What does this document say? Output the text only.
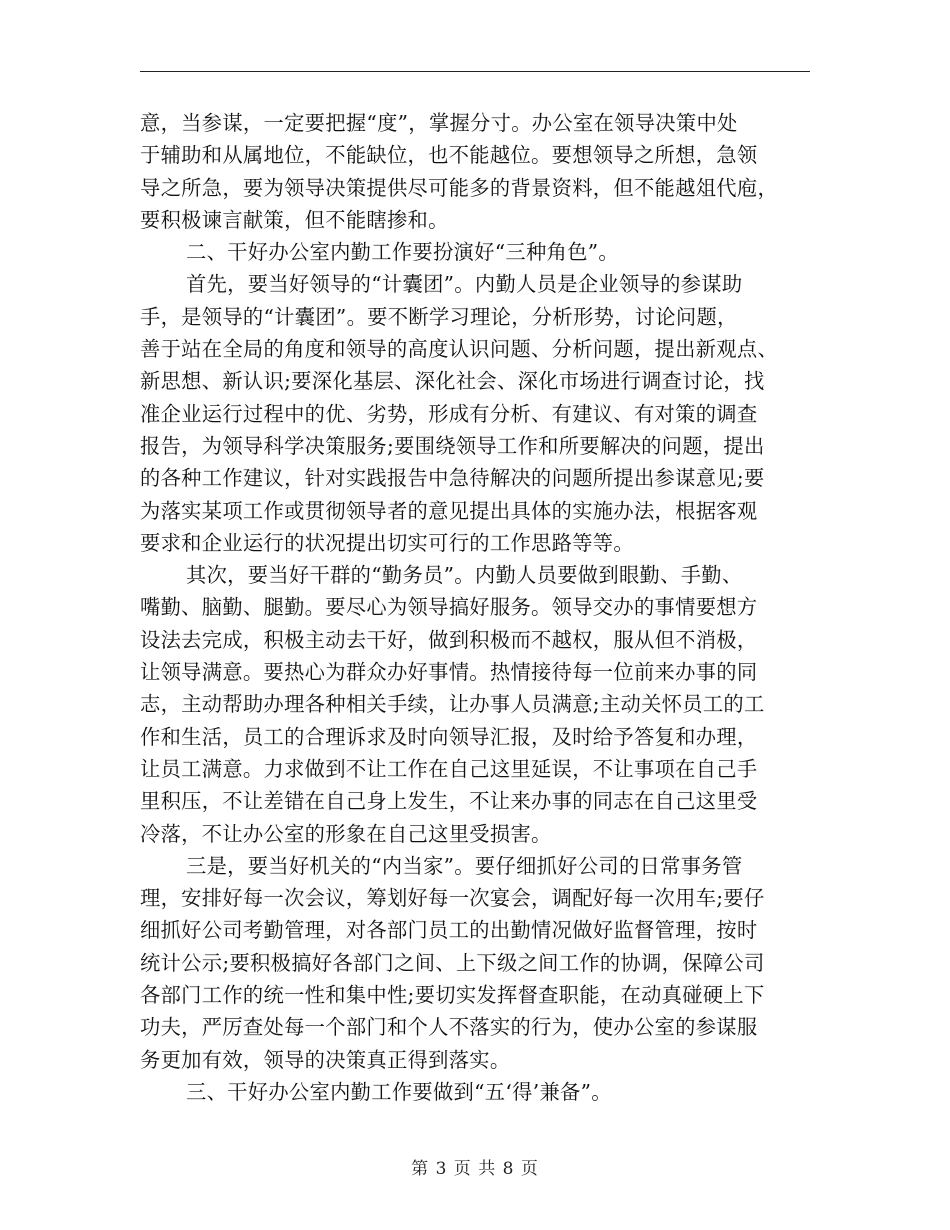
意，当参谋，一定要把握“度”，掌握分寸。办公室在领导决策中处
于辅助和从属地位，不能缺位，也不能越位。要想领导之所想，急领
导之所急，要为领导决策提供尽可能多的背景资料，但不能越俎代庖，
要积极谏言献策，但不能瞎掺和。
二、干好办公室内勤工作要扮演好“三种角色”。
首先，要当好领导的“计囊团”。内勤人员是企业领导的参谋助
手，是领导的“计囊团”。要不断学习理论，分析形势，讨论问题，
善于站在全局的角度和领导的高度认识问题、分析问题，提出新观点、
新思想、新认识;要深化基层、深化社会、深化市场进行调查讨论，找
准企业运行过程中的优、劣势，形成有分析、有建议、有对策的调查
报告，为领导科学决策服务;要围绕领导工作和所要解决的问题，提出
的各种工作建议，针对实践报告中急待解决的问题所提出参谋意见;要
为落实某项工作或贯彻领导者的意见提出具体的实施办法，根据客观
要求和企业运行的状况提出切实可行的工作思路等等。
其次，要当好干群的“勤务员”。内勤人员要做到眼勤、手勤、
嘴勤、脑勤、腿勤。要尽心为领导搞好服务。领导交办的事情要想方
设法去完成，积极主动去干好，做到积极而不越权，服从但不消极，
让领导满意。要热心为群众办好事情。热情接待每一位前来办事的同
志，主动帮助办理各种相关手续，让办事人员满意;主动关怀员工的工
作和生活，员工的合理诉求及时向领导汇报，及时给予答复和办理，
让员工满意。力求做到不让工作在自己这里延误，不让事项在自己手
里积压，不让差错在自己身上发生，不让来办事的同志在自己这里受
冷落，不让办公室的形象在自己这里受损害。
三是，要当好机关的“内当家”。要仔细抓好公司的日常事务管
理，安排好每一次会议，筹划好每一次宴会，调配好每一次用车;要仔
细抓好公司考勤管理，对各部门员工的出勤情况做好监督管理，按时
统计公示;要积极搞好各部门之间、上下级之间工作的协调，保障公司
各部门工作的统一性和集中性;要切实发挥督查职能，在动真碰硬上下
功夫，严厉查处每一个部门和个人不落实的行为，使办公室的参谋服
务更加有效，领导的决策真正得到落实。
三、干好办公室内勤工作要做到“五‘得’兼备”。
第 3 页 共 8 页
